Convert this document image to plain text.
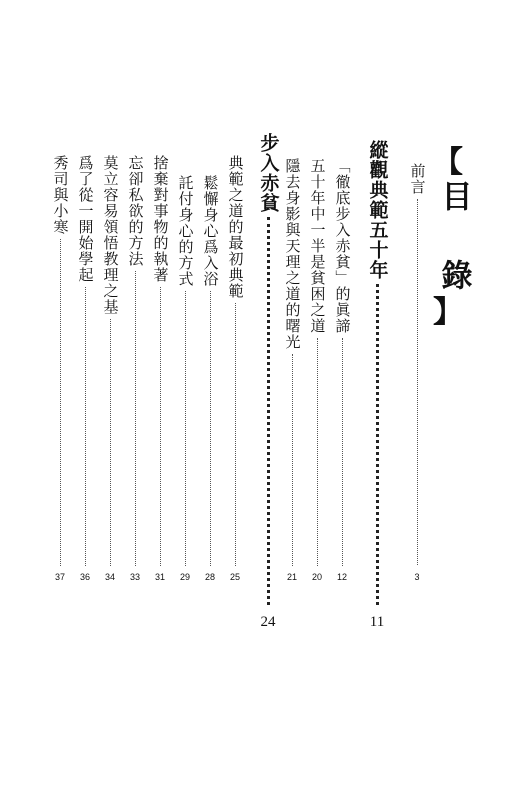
【
目 錄
】
前言
3
縱觀典範五十年
11
「徹底步入赤貧」的眞諦
12
五十年中一半是貧困之道
20
隱去身影與天理之道的曙光
21
步入赤貧
24
典範之道的最初典範
25
鬆懈身心爲入浴
28
託付身心的方式
29
捨棄對事物的執著
31
忘卻私欲的方法
33
莫立容易領悟教理之基
34
爲了從一開始學起
36
秀司與小寒
37
